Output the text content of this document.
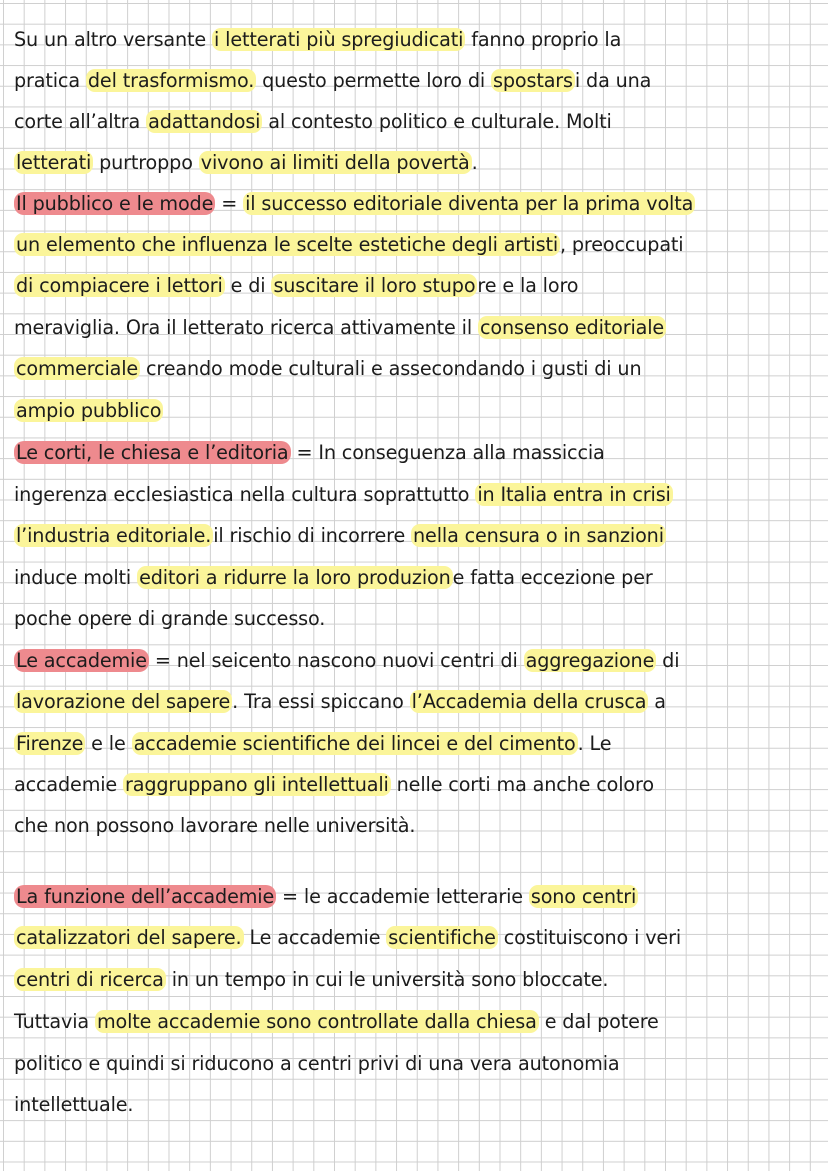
Su un altro versante i letterati più spregiudicati fanno proprio la
pratica del trasformismo. questo permette loro di spostars i da una
corte all’altra adattandosi al contesto politico e culturale. Molti
letterati purtroppo vivono ai limiti della povertà .
Il pubblico e le mode = il successo editoriale diventa per la prima volta
un elemento che influenza le scelte estetiche degli artisti , preoccupati
di compiacere i lettori e di suscitare il loro stupo re e la loro
meraviglia. Ora il letterato ricerca attivamente il consenso editoriale
commerciale creando mode culturali e assecondando i gusti di un
ampio pubblico
Le corti, le chiesa e l’editoria = In conseguenza alla massiccia
ingerenza ecclesiastica nella cultura soprattutto in Italia entra in crisi
l’industria editoriale. il rischio di incorrere nella censura o in sanzioni
induce molti editori a ridurre la loro produzion e fatta eccezione per
poche opere di grande successo.
Le accademie = nel seicento nascono nuovi centri di aggregazione di
lavorazione del sapere . Tra essi spiccano l’Accademia della crusca a
Firenze e le accademie scientifiche dei lincei e del cimento . Le
accademie raggruppano gli intellettuali nelle corti ma anche coloro
che non possono lavorare nelle università.
La funzione dell’accademie = le accademie letterarie sono centri
catalizzatori del sapere. Le accademie scientifiche costituiscono i veri
centri di ricerca in un tempo in cui le università sono bloccate.
Tuttavia molte accademie sono controllate dalla chiesa e dal potere
politico e quindi si riducono a centri privi di una vera autonomia
intellettuale.
